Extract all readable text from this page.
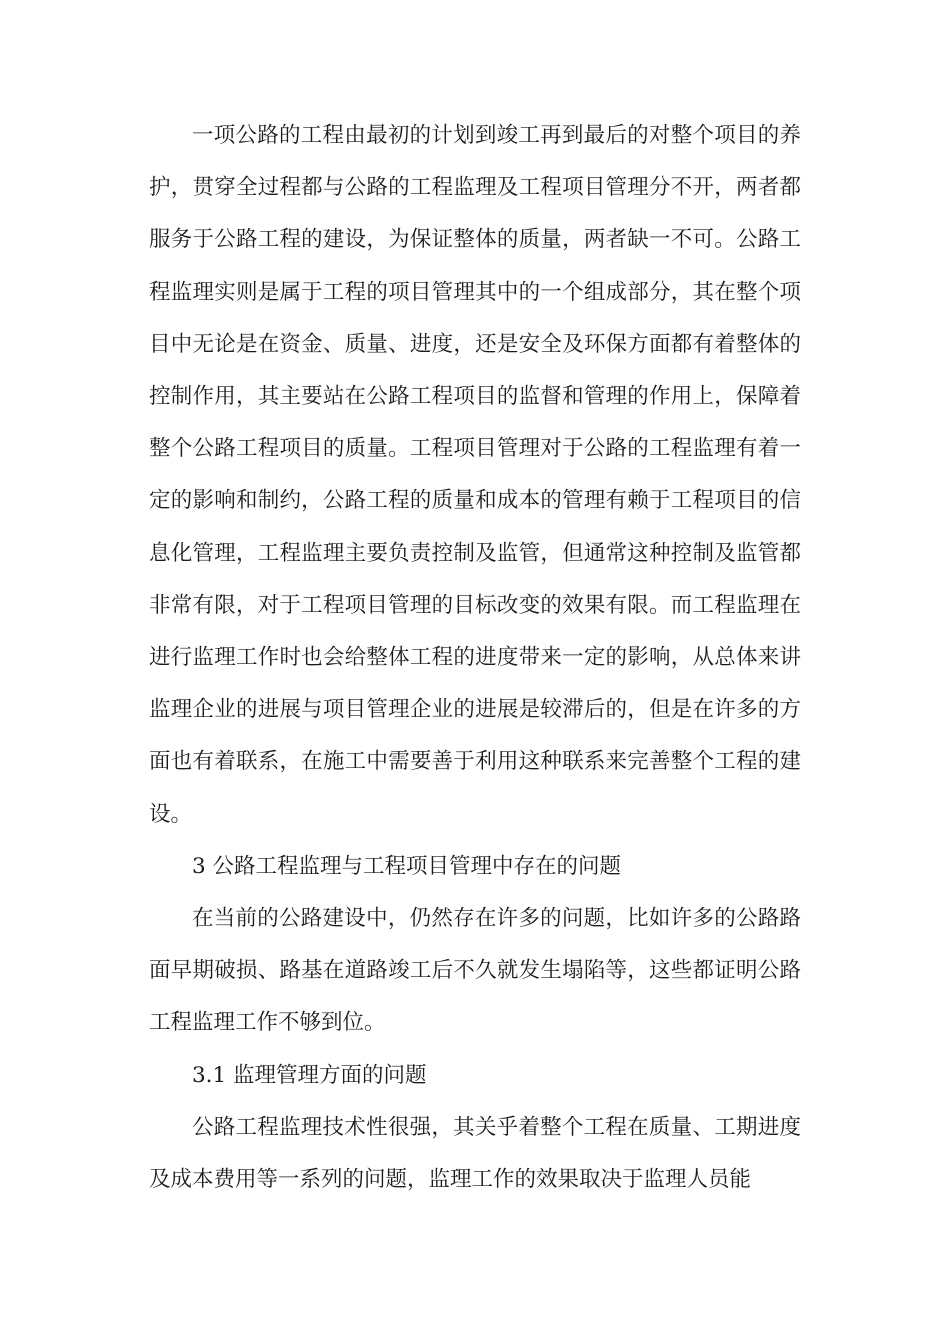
一项公路的工程由最初的计划到竣工再到最后的对整个项目的养护，贯穿全过程都与公路的工程监理及工程项目管理分不开，两者都服务于公路工程的建设，为保证整体的质量，两者缺一不可。公路工程监理实则是属于工程的项目管理其中的一个组成部分，其在整个项目中无论是在资金、质量、进度，还是安全及环保方面都有着整体的控制作用，其主要站在公路工程项目的监督和管理的作用上，保障着整个公路工程项目的质量。工程项目管理对于公路的工程监理有着一定的影响和制约，公路工程的质量和成本的管理有赖于工程项目的信息化管理，工程监理主要负责控制及监管，但通常这种控制及监管都非常有限，对于工程项目管理的目标改变的效果有限。而工程监理在进行监理工作时也会给整体工程的进度带来一定的影响，从总体来讲监理企业的进展与项目管理企业的进展是较滞后的，但是在许多的方面也有着联系，在施工中需要善于利用这种联系来完善整个工程的建设。

3 公路工程监理与工程项目管理中存在的问题

在当前的公路建设中，仍然存在许多的问题，比如许多的公路路面早期破损、路基在道路竣工后不久就发生塌陷等，这些都证明公路工程监理工作不够到位。

3.1 监理管理方面的问题

公路工程监理技术性很强，其关乎着整个工程在质量、工期进度及成本费用等一系列的问题，监理工作的效果取决于监理人员能
